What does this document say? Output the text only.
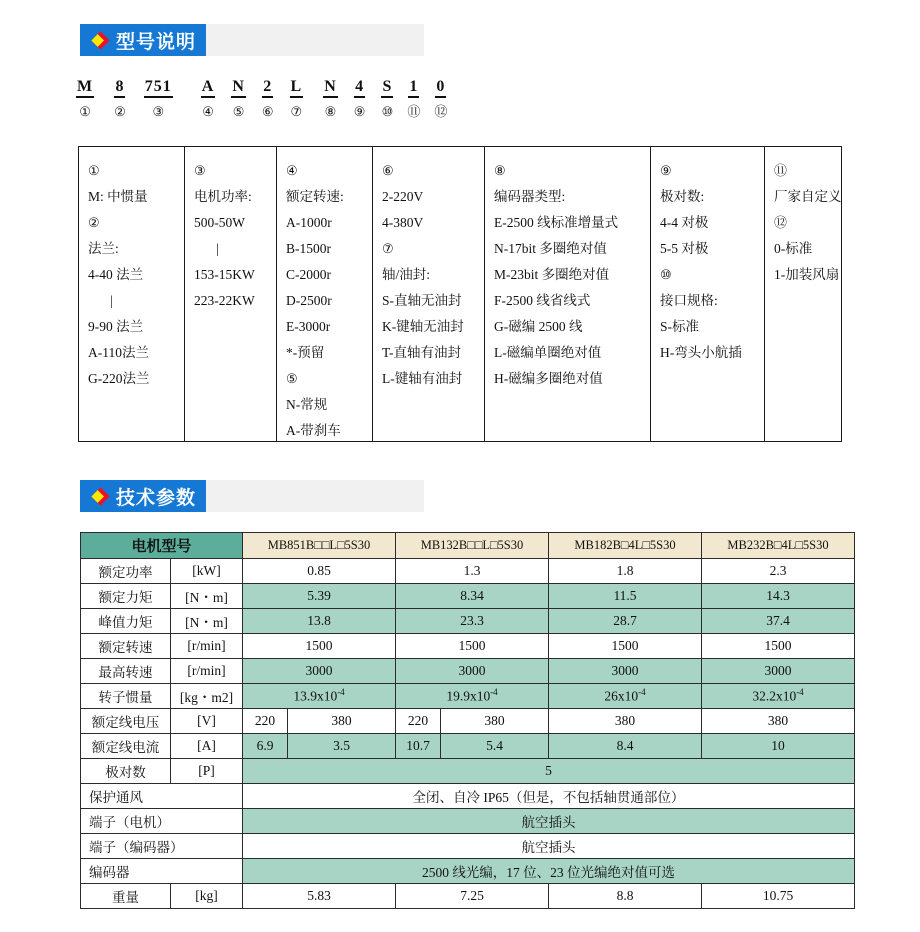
型号说明
M
①
8
②
751
③
A
④
N
⑤
2
⑥
L
⑦
N
⑧
4
⑨
S
⑩
1
⑪
0
⑫
①
M: 中惯量
②
法兰:
4-40 法兰
|
9-90 法兰
A-110法兰
G-220法兰
③
电机功率:
500-50W
|
153-15KW
223-22KW
④
额定转速:
A-1000r
B-1500r
C-2000r
D-2500r
E-3000r
*-预留
⑤
N-常规
A-带刹车
⑥
2-220V
4-380V
⑦
轴/油封:
S-直轴无油封
K-键轴无油封
T-直轴有油封
L-键轴有油封
⑧
编码器类型:
E-2500 线标准增量式
N-17bit 多圈绝对值
M-23bit 多圈绝对值
F-2500 线省线式
G-磁编 2500 线
L-磁编单圈绝对值
H-磁编多圈绝对值
⑨
极对数:
4-4 对极
5-5 对极
⑩
接口规格:
S-标准
H-弯头小航插
⑪
厂家自定义
⑫
0-标准
1-加装风扇
技术参数
电机型号		MB851B□□L□5S30		MB132B□□L□5S30		MB182B□4L□5S30	MB232B□4L□5S30
额定功率	[kW]	0.85		1.3		1.8	2.3
额定力矩	[N・m]	5.39		8.34		11.5	14.3
峰值力矩	[N・m]	13.8		23.3		28.7	37.4
额定转速	[r/min]	1500		1500		1500	1500
最高转速	[r/min]	3000		3000		3000	3000
转子惯量	[kg・m2]	$13.9x10^{-4}$		$19.9x10^{-4}$		$26x10^{-4}$	$32.2x10^{-4}$
额定线电压	[V]	220	380	220	380	380	380
额定线电流	[A]	6.9	3.5	10.7	5.4	8.4	10
极对数	[P]	5					
保护通风		全闭、自冷 IP65（但是，不包括轴贯通部位）					
端子（电机）		航空插头					
端子（编码器）		航空插头					
编码器		2500 线光编，17 位、23 位光编绝对值可选					
重量	[kg]	5.83		7.25		8.8	10.75
